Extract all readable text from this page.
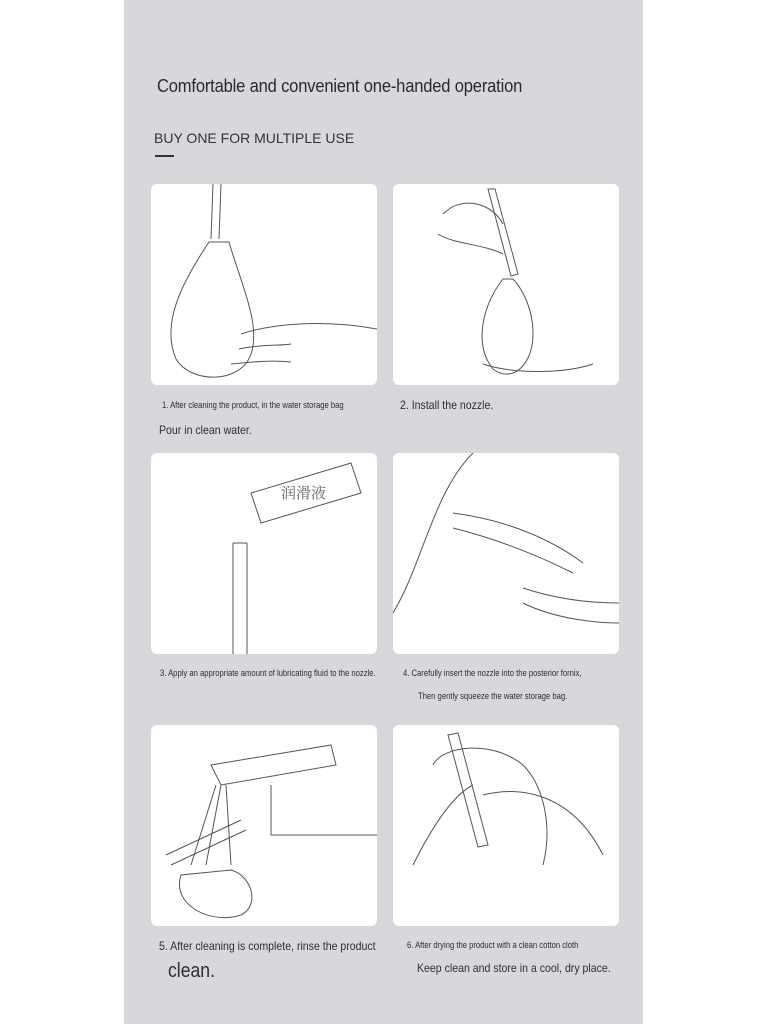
Comfortable and convenient one-handed operation
BUY ONE FOR MULTIPLE USE
1. After cleaning the product, in the water storage bag
Pour in clean water.
2. Install the nozzle.
润滑液
3. Apply an appropriate amount of lubricating fluid to the nozzle.	4. Carefully insert the nozzle into the posterior fornix,
Then gently squeeze the water storage bag.
5. After cleaning is complete, rinse the product
clean.
6. After drying the product with a clean cotton cloth
Keep clean and store in a cool, dry place.
